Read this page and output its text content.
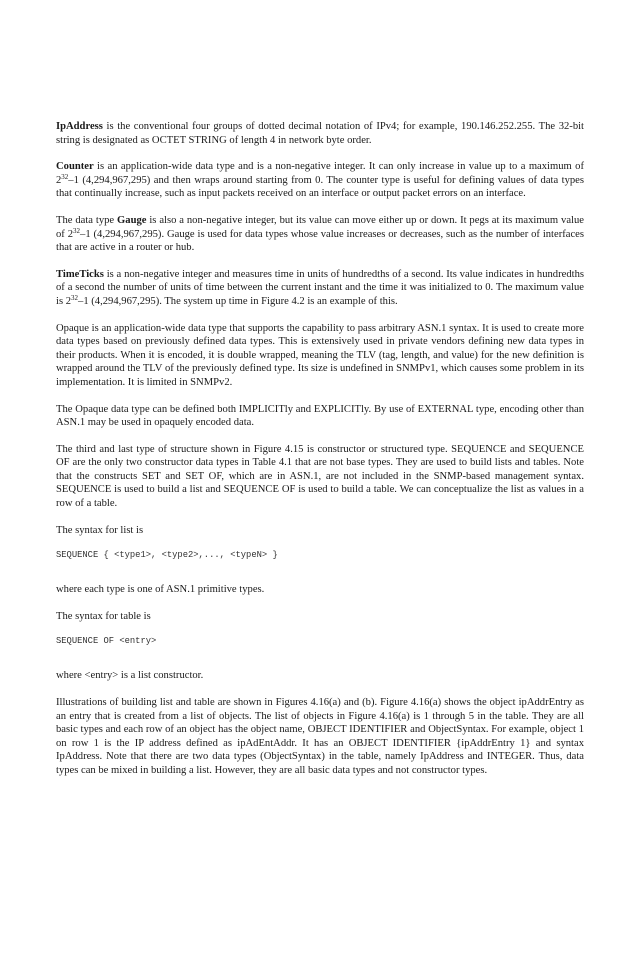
IpAddress is the conventional four groups of dotted decimal notation of IPv4; for example, 190.146.252.255. The 32-bit string is designated as OCTET STRING of length 4 in network byte order.

Counter is an application-wide data type and is a non-negative integer. It can only increase in value up to a maximum of $2^{32}-1$ (4,294,967,295) and then wraps around starting from 0. The counter type is useful for defining values of data types that continually increase, such as input packets received on an interface or output packet errors on an interface.

The data type Gauge is also a non-negative integer, but its value can move either up or down. It pegs at its maximum value of $2^{32}-1$ (4,294,967,295). Gauge is used for data types whose value increases or decreases, such as the number of interfaces that are active in a router or hub.

TimeTicks is a non-negative integer and measures time in units of hundredths of a second. Its value indicates in hundredths of a second the number of units of time between the current instant and the time it was initialized to 0. The maximum value is $2^{32}-1$ (4,294,967,295). The system up time in Figure 4.2 is an example of this.

Opaque is an application-wide data type that supports the capability to pass arbitrary ASN.1 syntax. It is used to create more data types based on previously defined data types. This is extensively used in private vendors defining new data types in their products. When it is encoded, it is double wrapped, meaning the TLV (tag, length, and value) for the new definition is wrapped around the TLV of the previously defined type. Its size is undefined in SNMPv1, which causes some problem in its implementation. It is limited in SNMPv2.

The Opaque data type can be defined both IMPLICITly and EXPLICITly. By use of EXTERNAL type, encoding other than ASN.1 may be used in opaquely encoded data.

The third and last type of structure shown in Figure 4.15 is constructor or structured type. SEQUENCE and SEQUENCE OF are the only two constructor data types in Table 4.1 that are not base types. They are used to build lists and tables. Note that the constructs SET and SET OF, which are in ASN.1, are not included in the SNMP-based management syntax. SEQUENCE is used to build a list and SEQUENCE OF is used to build a table. We can conceptualize the list as values in a row of a table.

The syntax for list is

SEQUENCE { <type1>, <type2>,..., <typeN> }

where each type is one of ASN.1 primitive types.

The syntax for table is

SEQUENCE OF <entry>

where <entry> is a list constructor.

Illustrations of building list and table are shown in Figures 4.16(a) and (b). Figure 4.16(a) shows the object ipAddrEntry as an entry that is created from a list of objects. The list of objects in Figure 4.16(a) is 1 through 5 in the table. They are all basic types and each row of an object has the object name, OBJECT IDENTIFIER and ObjectSyntax. For example, object 1 on row 1 is the IP address defined as ipAdEntAddr. It has an OBJECT IDENTIFIER {ipAddrEntry 1} and syntax IpAddress. Note that there are two data types (ObjectSyntax) in the table, namely IpAddress and INTEGER. Thus, data types can be mixed in building a list. However, they are all basic data types and not constructor types.
